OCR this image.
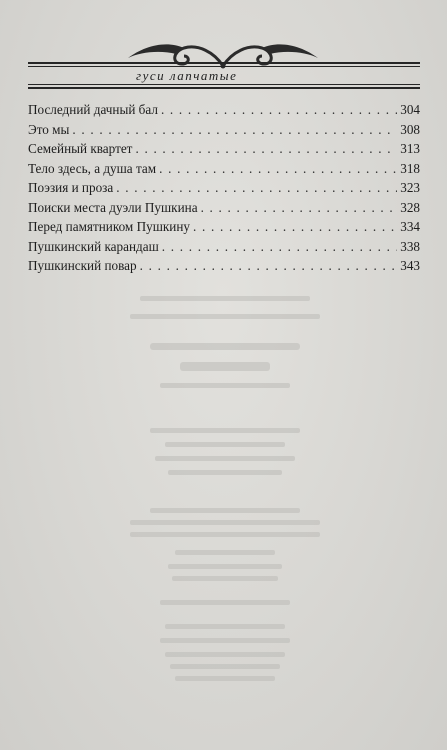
гуси лапчатые
Последний дачный бал . . .	304
Это мы . . .	308
Семейный квартет . . .	313
Тело здесь, а душа там . . .	318
Поэзия и проза . . .	323
Поиски места дуэли Пушкина . . .	328
Перед памятником Пушкину . . .	334
Пушкинский карандаш . . .	338
Пушкинский повар . . .	343
